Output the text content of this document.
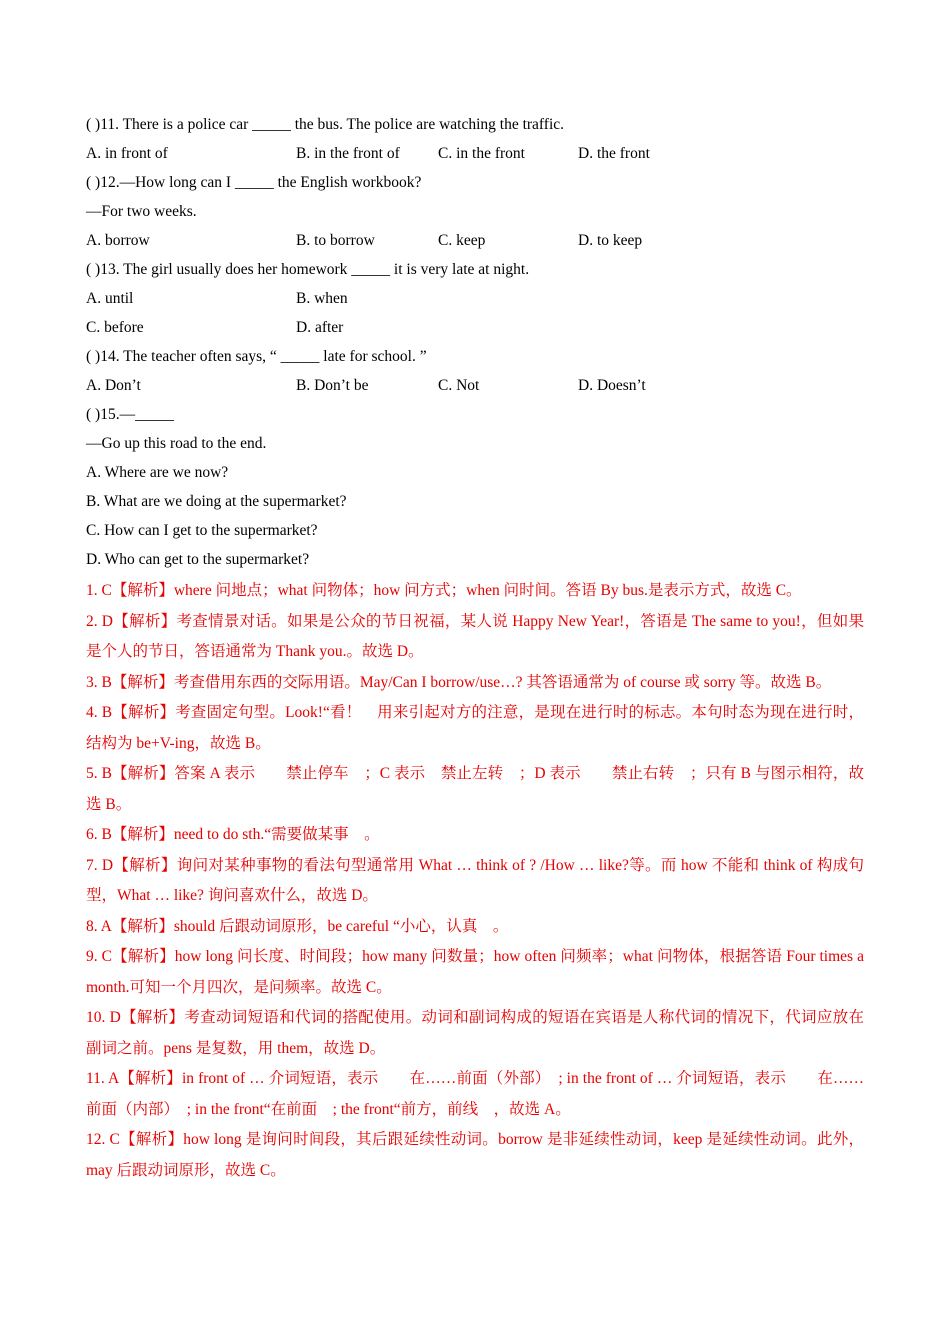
( )11. There is a police car _____ the bus. The police are watching the traffic.
A. in front of	B. in the front of C. in the front	D. the front
( )12.—How long can I _____ the English workbook?
—For two weeks.
A. borrow	B. to borrow	C. keep	D. to keep
( )13. The girl usually does her homework _____ it is very late at night.
A. until	B. when
C. before	D. after
( )14. The teacher often says, “ _____ late for school. ”
A. Don’t	B. Don’t be	C. Not	D. Doesn’t
( )15.—_____
—Go up this road to the end.
A. Where are we now?
B. What are we doing at the supermarket?
C. How can I get to the supermarket?
D. Who can get to the supermarket?
1. C【解析】where 问地点；what 问物体；how 问方式；when 问时间。答语 By bus.是表示方式，故选 C。
2. D【解析】考查情景对话。如果是公众的节日祝福，某人说 Happy New Year!，答语是 The same to you!，但如果是个人的节日，答语通常为 Thank you.。故选 D。
3. B【解析】考查借用东西的交际用语。May/Can I borrow/use…? 其答语通常为 of course 或 sorry 等。故选 B。
4. B【解析】考查固定句型。Look!“看！　用来引起对方的注意，是现在进行时的标志。本句时态为现在进行时，结构为 be+V-ing，故选 B。
5. B【解析】答案 A 表示　　禁止停车　；C 表示　禁止左转　；D 表示　　禁止右转　；只有 B 与图示相符，故选 B。
6. B【解析】need to do sth.“需要做某事　。
7. D【解析】询问对某种事物的看法句型通常用 What … think of ? /How … like?等。而 how 不能和 think of 构成句型，What … like? 询问喜欢什么，故选 D。
8. A【解析】should 后跟动词原形，be careful “小心，认真　。
9. C【解析】how long 问长度、时间段；how many 问数量；how often 问频率；what 问物体，根据答语 Four times a month.可知一个月四次，是问频率。故选 C。
10. D【解析】考查动词短语和代词的搭配使用。动词和副词构成的短语在宾语是人称代词的情况下，代词应放在副词之前。pens 是复数，用 them，故选 D。
11. A【解析】in front of … 介词短语，表示　　在……前面（外部）　; in the front of … 介词短语，表示　　在……前面（内部）　; in the front“在前面　; the front“前方，前线　，故选 A。
12. C【解析】how long 是询问时间段，其后跟延续性动词。borrow 是非延续性动词，keep 是延续性动词。此外，may 后跟动词原形，故选 C。
